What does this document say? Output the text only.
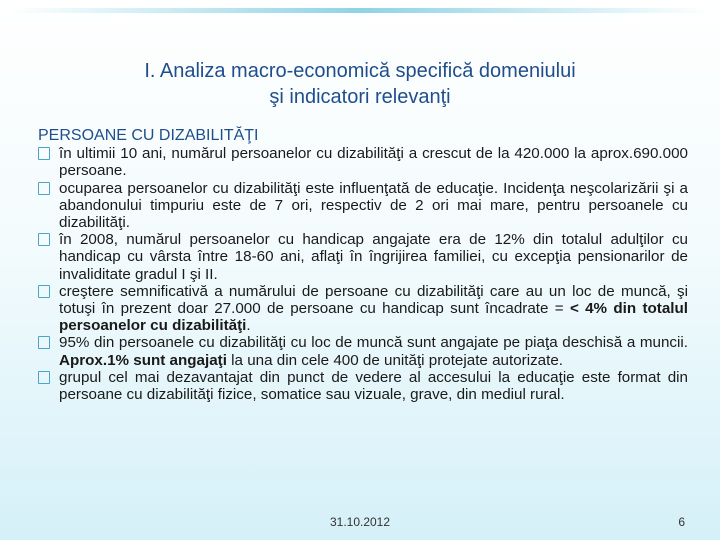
I. Analiza macro-economică specifică domeniului
şi indicatori relevanţi
PERSOANE CU DIZABILITĂŢI
în ultimii 10 ani, numărul persoanelor cu dizabilităţi a crescut de la 420.000 la aprox.690.000 persoane.
ocuparea persoanelor cu dizabilităţi este influenţată de educaţie. Incidenţa neşcolarizării şi a abandonului timpuriu este de 7 ori, respectiv de 2 ori mai mare, pentru persoanele cu dizabilităţi.
în 2008, numărul persoanelor cu handicap angajate era de 12% din totalul adulţilor cu handicap cu vârsta între 18-60 ani, aflaţi în îngrijirea familiei, cu excepţia pensionarilor de invaliditate gradul I şi II.
creştere semnificativă a numărului de persoane cu dizabilităţi care au un loc de muncă, şi totuşi în prezent doar 27.000 de persoane cu handicap sunt încadrate = < 4% din totalul persoanelor cu dizabilităţi.
95% din persoanele cu dizabilităţi cu loc de muncă sunt angajate pe piaţa deschisă a muncii. Aprox.1% sunt angajaţi la una din cele 400 de unităţi protejate autorizate.
grupul cel mai dezavantajat din punct de vedere al accesului la educaţie este format din persoane cu dizabilităţi fizice, somatice sau vizuale, grave, din mediul rural.
31.10.2012	6
